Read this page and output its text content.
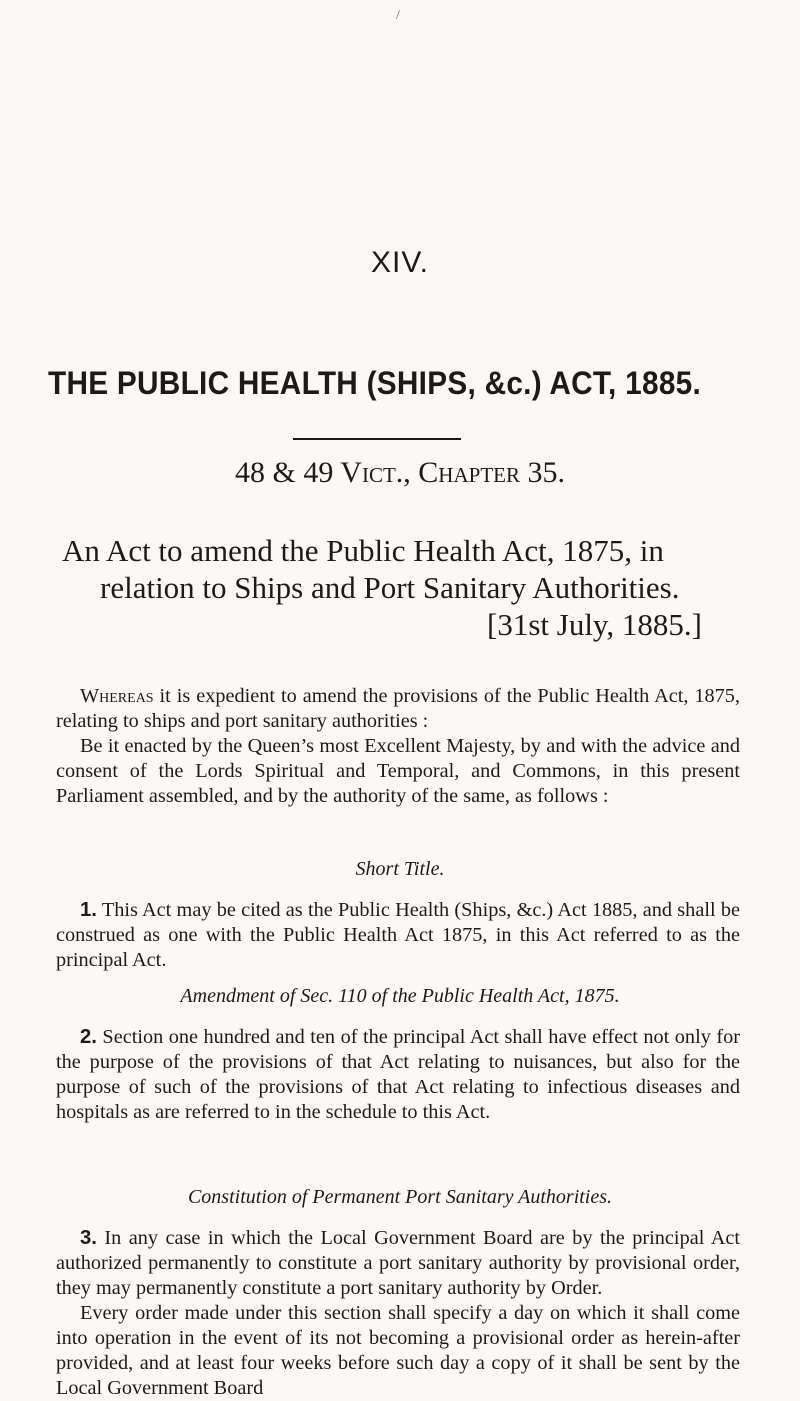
/
XIV.
THE PUBLIC HEALTH (SHIPS, &c.) ACT, 1885.
48 & 49 Vict., Chapter 35.
An Act to amend the Public Health Act, 1875, in
relation to Ships and Port Sanitary Authorities.
[31st July, 1885.]

Whereas it is expedient to amend the provisions of the Public Health Act, 1875, relating to ships and port sanitary authorities :

Be it enacted by the Queen’s most Excellent Majesty, by and with the advice and consent of the Lords Spiritual and Temporal, and Commons, in this present Parliament assembled, and by the authority of the same, as follows :

Short Title.

1. This Act may be cited as the Public Health (Ships, &c.) Act 1885, and shall be construed as one with the Public Health Act 1875, in this Act referred to as the principal Act.

Amendment of Sec. 110 of the Public Health Act, 1875.

2. Section one hundred and ten of the principal Act shall have effect not only for the purpose of the provisions of that Act relating to nuisances, but also for the purpose of such of the provisions of that Act relating to infectious diseases and hospitals as are referred to in the schedule to this Act.

Constitution of Permanent Port Sanitary Authorities.

3. In any case in which the Local Government Board are by the principal Act authorized permanently to constitute a port sanitary authority by provisional order, they may permanently constitute a port sanitary authority by Order.

Every order made under this section shall specify a day on which it shall come into operation in the event of its not becoming a provisional order as herein-after provided, and at least four weeks before such day a copy of it shall be sent by the Local Government Board
